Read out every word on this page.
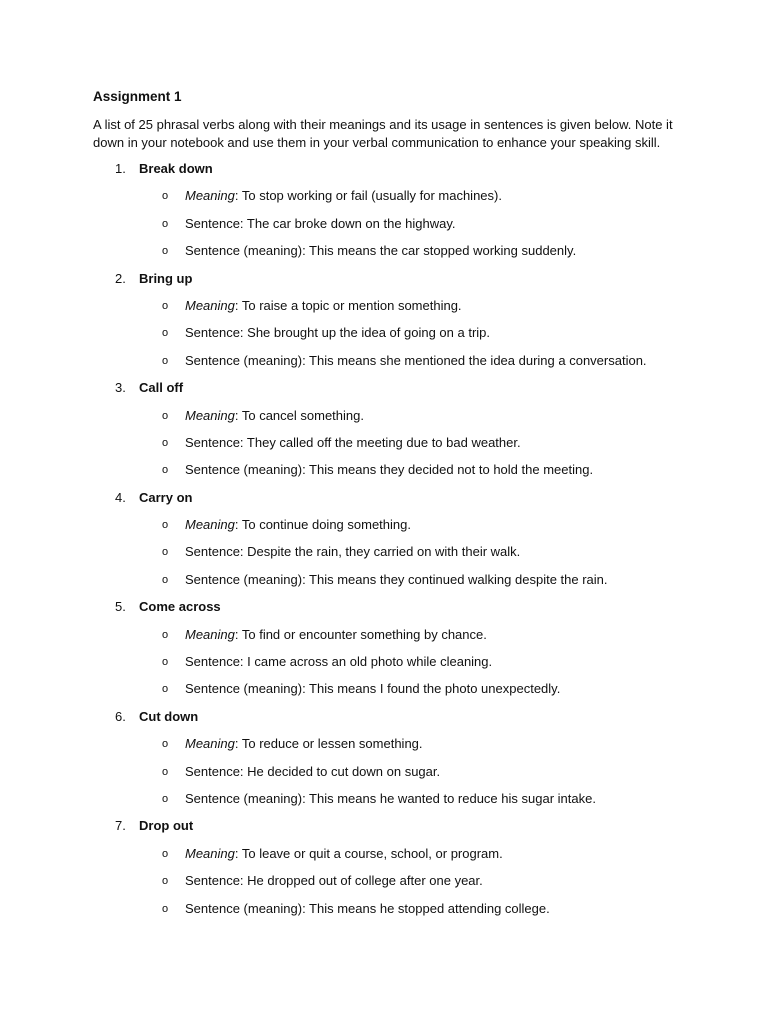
Assignment 1
A list of 25 phrasal verbs along with their meanings and its usage in sentences is given below. Note it down in your notebook and use them in your verbal communication to enhance your speaking skill.
1. Break down
o Meaning: To stop working or fail (usually for machines).
o Sentence: The car broke down on the highway.
o Sentence (meaning): This means the car stopped working suddenly.
2. Bring up
o Meaning: To raise a topic or mention something.
o Sentence: She brought up the idea of going on a trip.
o Sentence (meaning): This means she mentioned the idea during a conversation.
3. Call off
o Meaning: To cancel something.
o Sentence: They called off the meeting due to bad weather.
o Sentence (meaning): This means they decided not to hold the meeting.
4. Carry on
o Meaning: To continue doing something.
o Sentence: Despite the rain, they carried on with their walk.
o Sentence (meaning): This means they continued walking despite the rain.
5. Come across
o Meaning: To find or encounter something by chance.
o Sentence: I came across an old photo while cleaning.
o Sentence (meaning): This means I found the photo unexpectedly.
6. Cut down
o Meaning: To reduce or lessen something.
o Sentence: He decided to cut down on sugar.
o Sentence (meaning): This means he wanted to reduce his sugar intake.
7. Drop out
o Meaning: To leave or quit a course, school, or program.
o Sentence: He dropped out of college after one year.
o Sentence (meaning): This means he stopped attending college.
